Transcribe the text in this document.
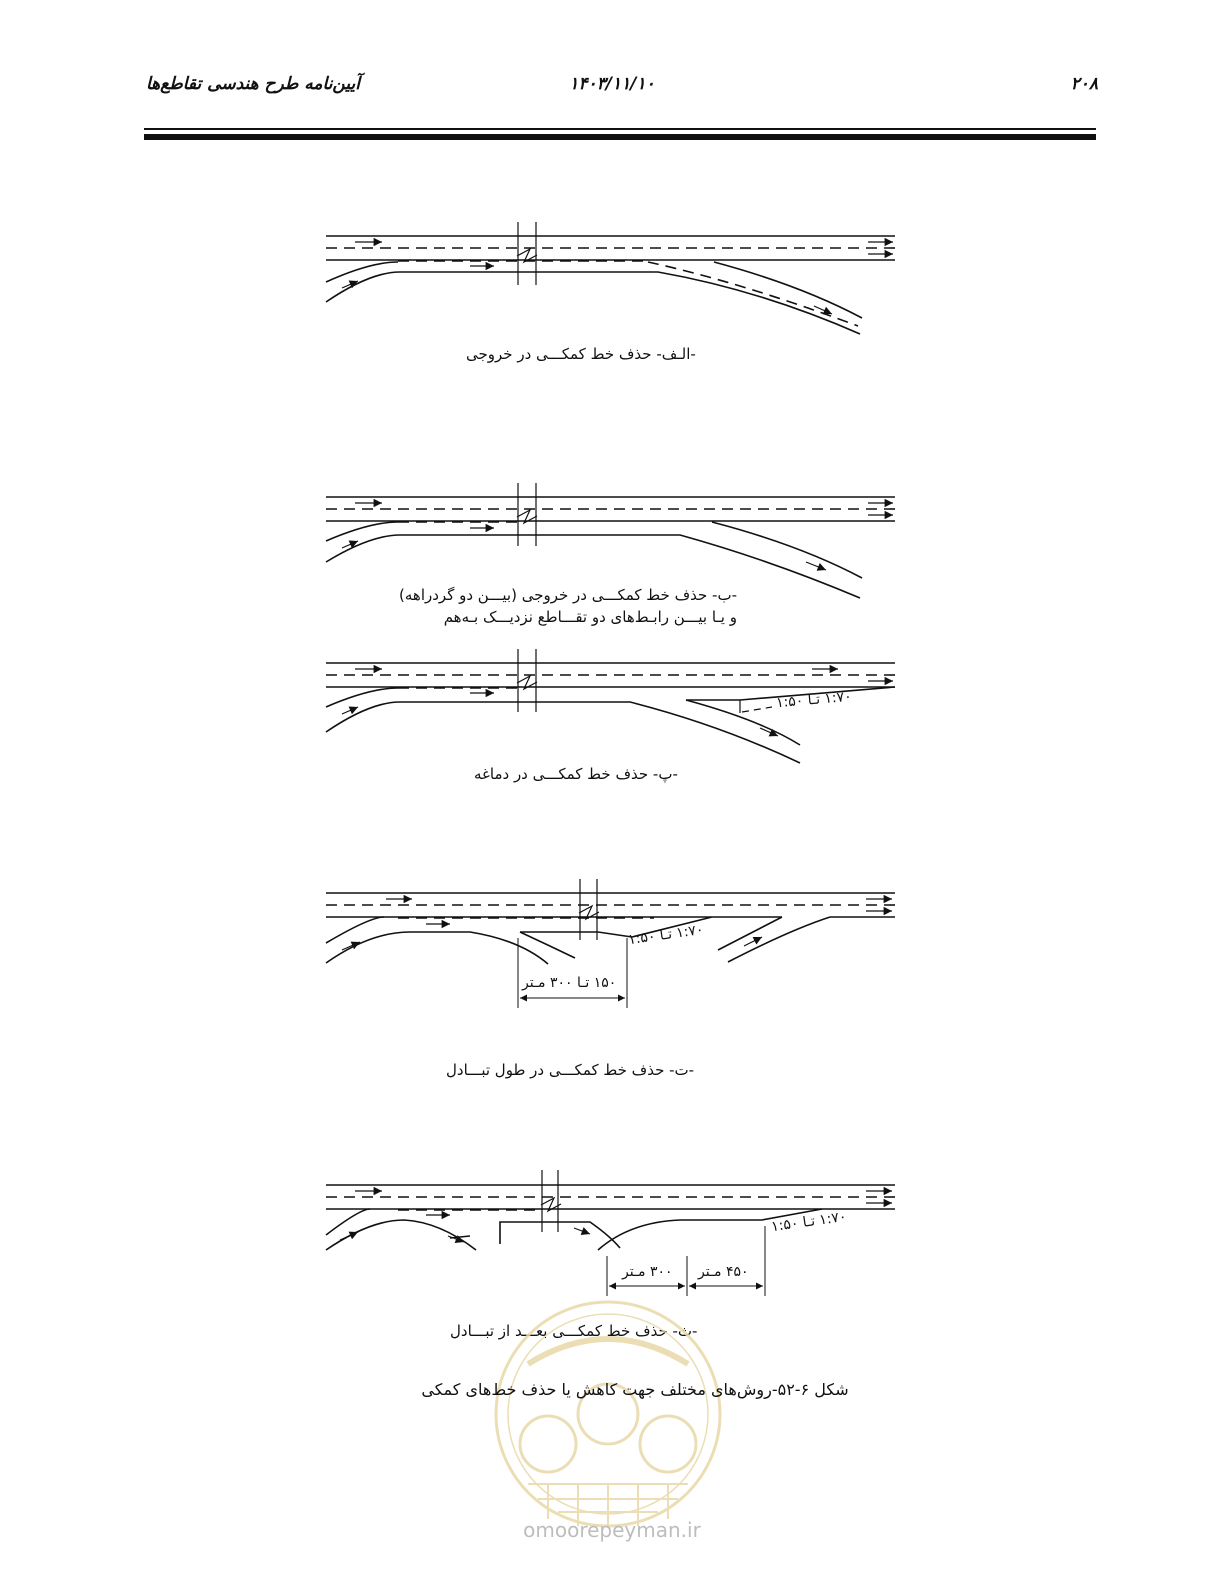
۲۰۸
۱۴۰۳/۱۱/۱۰
آیین‌نامه طرح هندسی تقاطع‌ها
-الـف- حذف خط کمکـــی در خروجی
-ب- حذف خط کمکـــی در خروجی (بیـــن دو گردراهه)
و یـا بیـــن رابـط‌های دو تقـــاطع نزدیـــک بـه‌هم
۱:۷۰ تـا ۱:۵۰
-پ- حذف خط کمکـــی در دماغه
۱:۷۰ تـا ۱:۵۰
۱۵۰ تـا ۳۰۰ مـتر
-ت- حذف خط کمکـــی در طول تبـــادل
۱:۷۰ تـا ۱:۵۰
۳۰۰ مـتر ۴۵۰ مـتر
-ث- حذف خط کمکـــی بعـــد از تبـــادل
شکل ۶-۵۲-روش‌های مختلف جهت کاهش یا حذف خط‌های کمکی
omoorepeyman.ir
